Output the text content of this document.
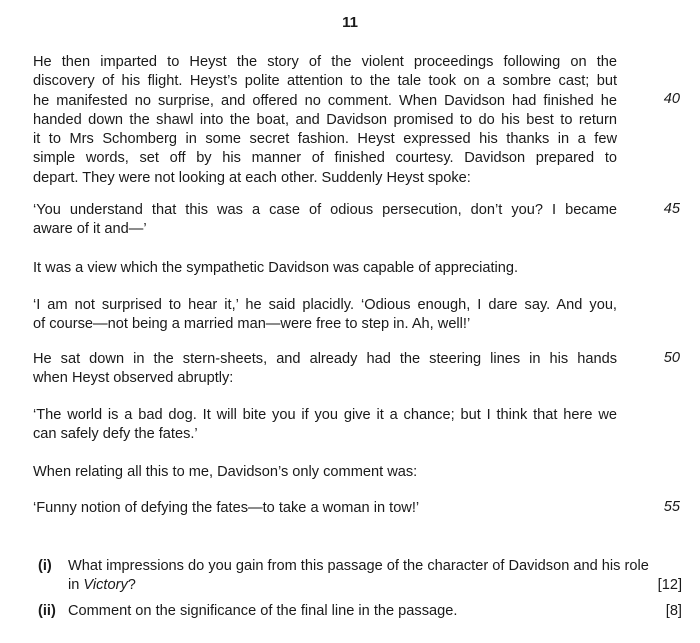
11
He then imparted to Heyst the story of the violent proceedings following on the
discovery of his flight. Heyst’s polite attention to the tale took on a sombre cast; but
he manifested no surprise, and offered no comment. When Davidson had finished he
handed down the shawl into the boat, and Davidson promised to do his best to return
it to Mrs Schomberg in some secret fashion. Heyst expressed his thanks in a few
simple words, set off by his manner of finished courtesy. Davidson prepared to
depart. They were not looking at each other. Suddenly Heyst spoke:
‘You understand that this was a case of odious persecution, don’t you? I became
aware of it and—’
It was a view which the sympathetic Davidson was capable of appreciating.
‘I am not surprised to hear it,’ he said placidly. ‘Odious enough, I dare say. And you,
of course—not being a married man—were free to step in. Ah, well!’
He sat down in the stern-sheets, and already had the steering lines in his hands
when Heyst observed abruptly:
‘The world is a bad dog. It will bite you if you give it a chance; but I think that here we
can safely defy the fates.’
When relating all this to me, Davidson’s only comment was:
‘Funny notion of defying the fates—to take a woman in tow!’
40
45
50
55
(i) What impressions do you gain from this passage of the character of Davidson and his role
in Victory?	[12]
(ii) Comment on the significance of the final line in the passage.	[8]
